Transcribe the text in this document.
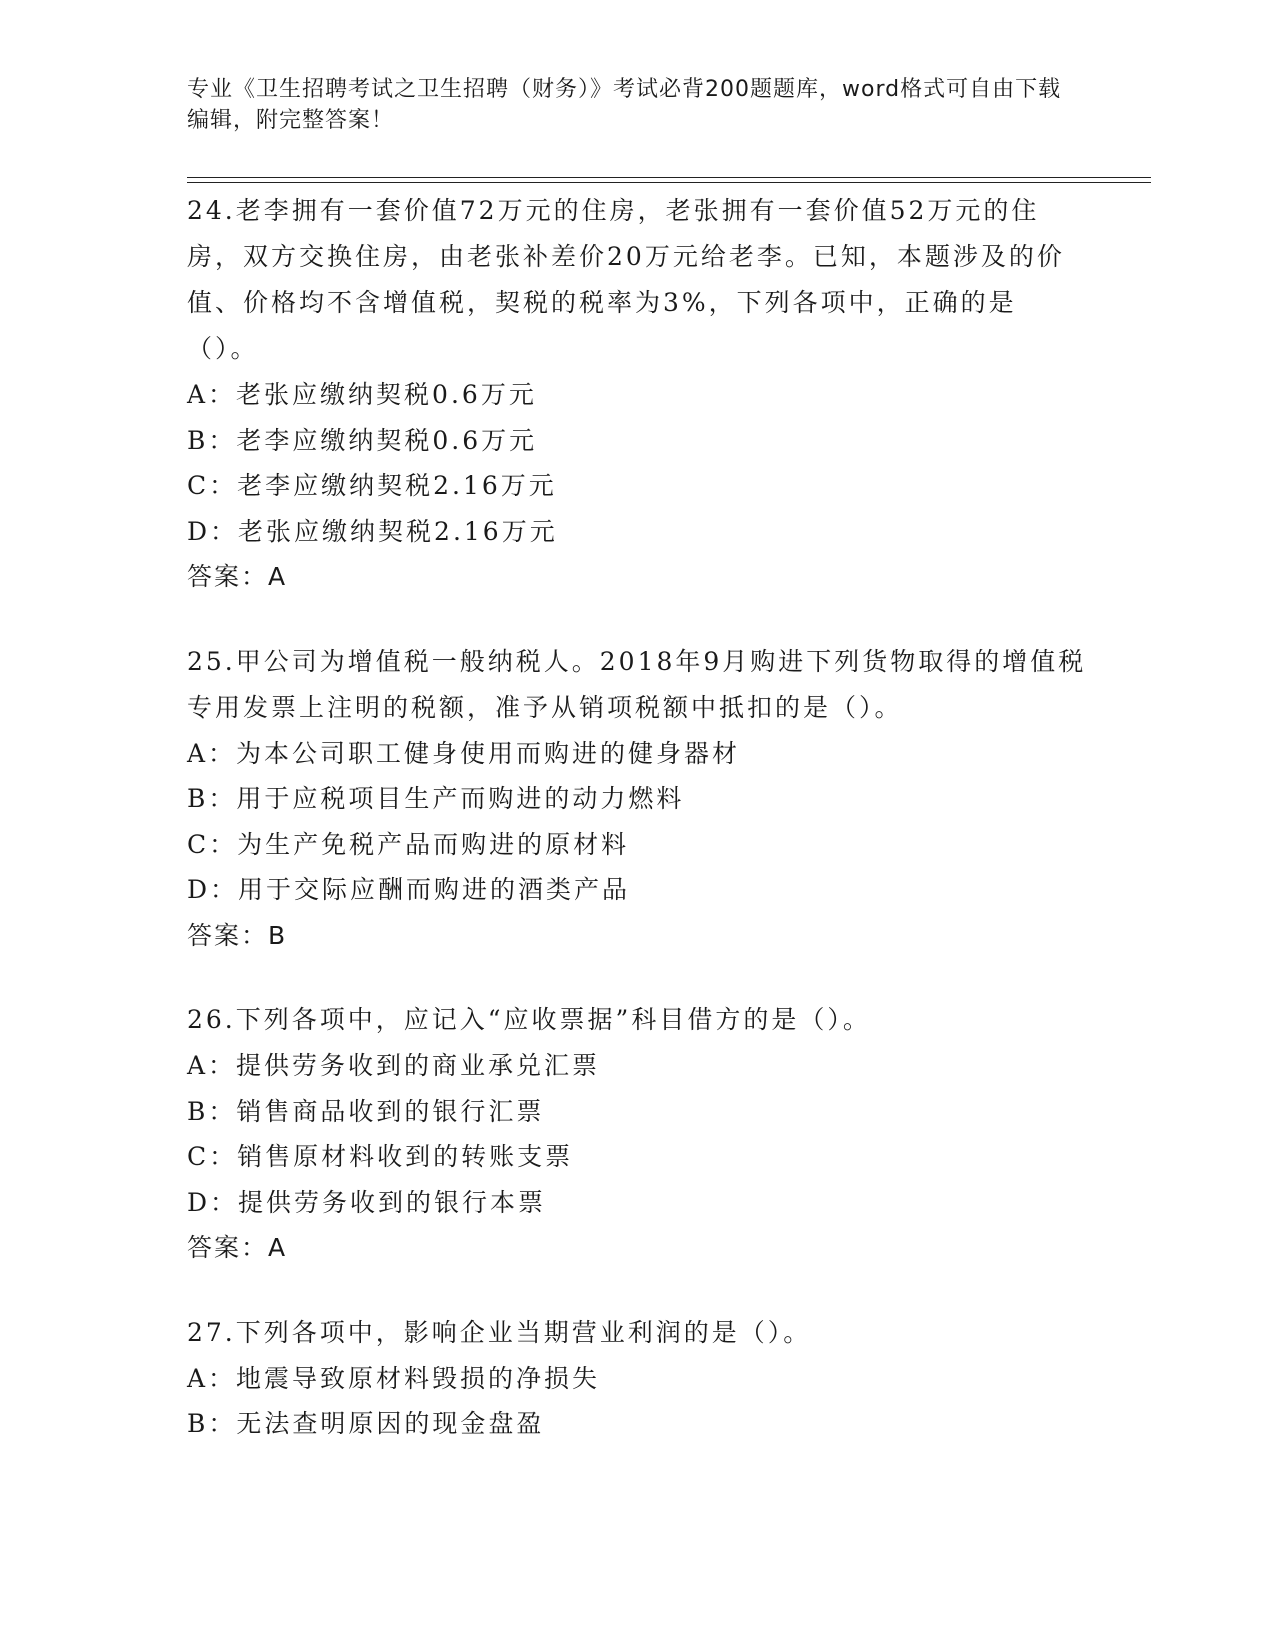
专业《卫生招聘考试之卫生招聘（财务）》考试必背200题题库，word格式可自由下载编辑，附完整答案！
24.老李拥有一套价值72万元的住房，老张拥有一套价值52万元的住房，双方交换住房，由老张补差价20万元给老李。已知，本题涉及的价值、价格均不含增值税，契税的税率为3%，下列各项中，正确的是（）。
A：老张应缴纳契税0.6万元
B：老李应缴纳契税0.6万元
C：老李应缴纳契税2.16万元
D：老张应缴纳契税2.16万元
答案：A
25.甲公司为增值税一般纳税人。2018年9月购进下列货物取得的增值税专用发票上注明的税额，准予从销项税额中抵扣的是（）。
A：为本公司职工健身使用而购进的健身器材
B：用于应税项目生产而购进的动力燃料
C：为生产免税产品而购进的原材料
D：用于交际应酬而购进的酒类产品
答案：B
26.下列各项中，应记入“应收票据”科目借方的是（）。
A：提供劳务收到的商业承兑汇票
B：销售商品收到的银行汇票
C：销售原材料收到的转账支票
D：提供劳务收到的银行本票
答案：A
27.下列各项中，影响企业当期营业利润的是（）。
A：地震导致原材料毁损的净损失
B：无法查明原因的现金盘盈
